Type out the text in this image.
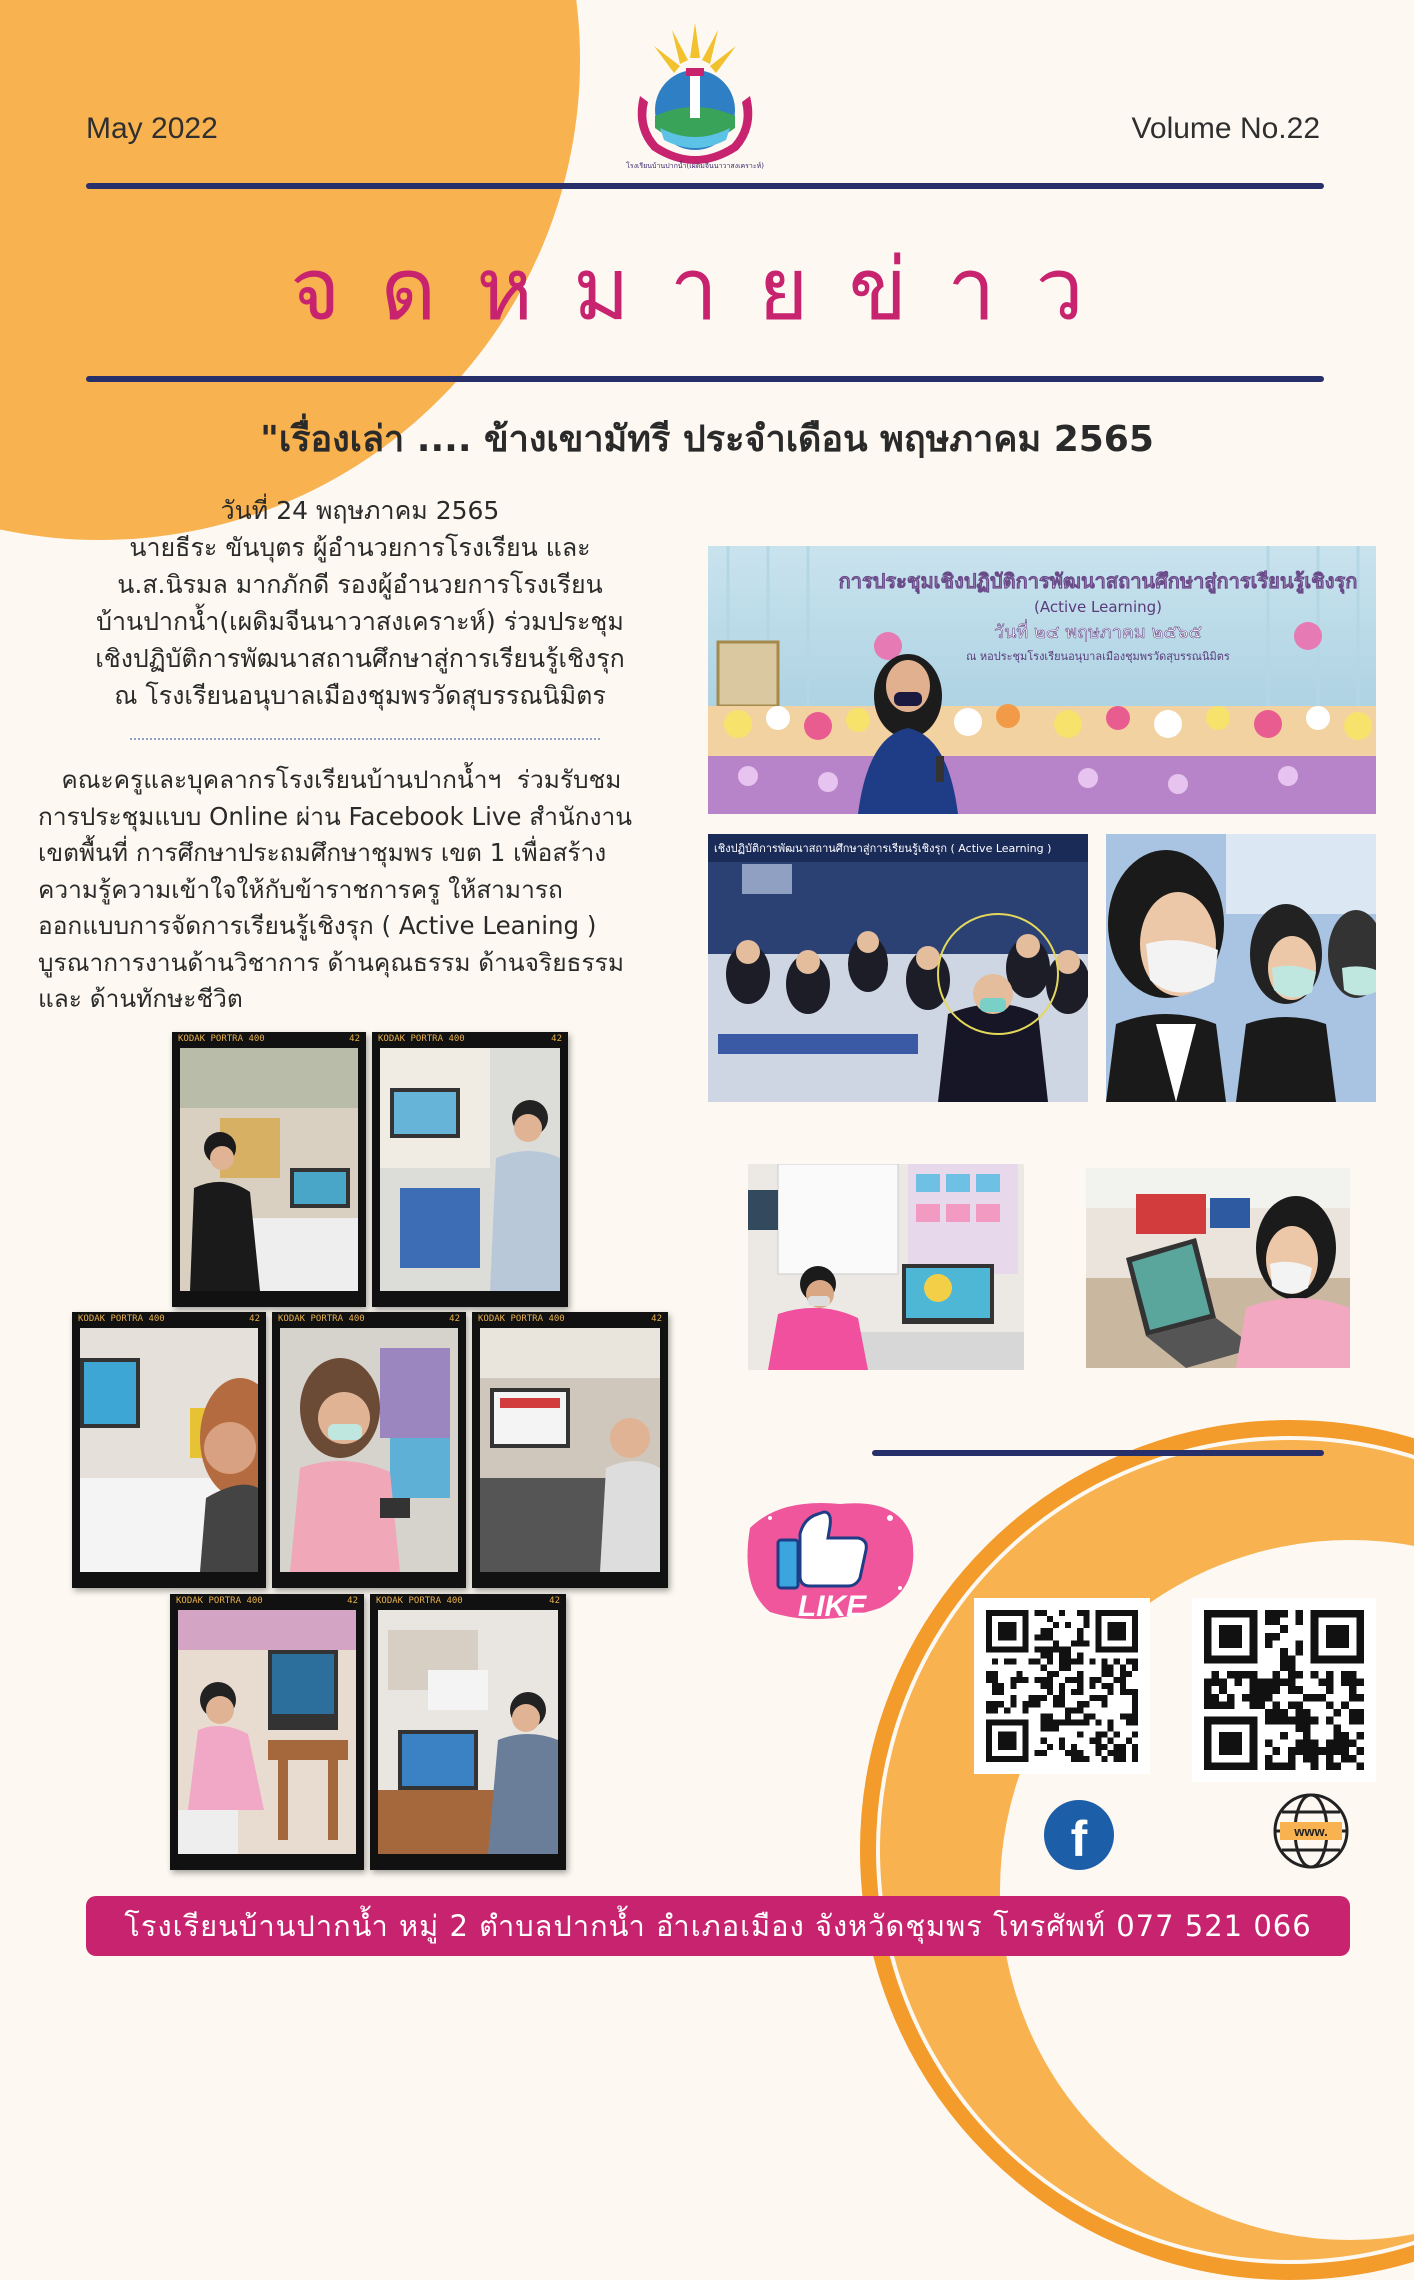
May 2022	Volume No.22
โรงเรียนบ้านปากน้ำ(เผดิมจีนนาวาสงเคราะห์)
จดหมายข่าว
"เรื่องเล่า .... ข้างเขามัทรี ประจำเดือน พฤษภาคม 2565
วันที่ 24 พฤษภาคม 2565
นายธีระ ขันบุตร ผู้อำนวยการโรงเรียน และ
น.ส.นิรมล มากภักดี รองผู้อำนวยการโรงเรียน
บ้านปากน้ำ(เผดิมจีนนาวาสงเคราะห์) ร่วมประชุม
เชิงปฏิบัติการพัฒนาสถานศึกษาสู่การเรียนรู้เชิงรุก
ณ โรงเรียนอนุบาลเมืองชุมพรวัดสุบรรณนิมิตร
คณะครูและบุคลากรโรงเรียนบ้านปากน้ำฯ  ร่วมรับชม
การประชุมแบบ Online ผ่าน Facebook Live สำนักงาน
เขตพื้นที่ การศึกษาประถมศึกษาชุมพร เขต 1 เพื่อสร้าง
ความรู้ความเข้าใจให้กับข้าราชการครู ให้สามารถ
ออกแบบการจัดการเรียนรู้เชิงรุก ( Active Leaning )
บูรณาการงานด้านวิชาการ ด้านคุณธรรม ด้านจริยธรรม
และ ด้านทักษะชีวิต
การประชุมเชิงปฏิบัติการพัฒนาสถานศึกษาสู่การเรียนรู้เชิงรุก
(Active Learning)
วันที่ ๒๔ พฤษภาคม ๒๕๖๕
ณ หอประชุมโรงเรียนอนุบาลเมืองชุมพรวัดสุบรรณนิมิตร
เชิงปฏิบัติการพัฒนาสถานศึกษาสู่การเรียนรู้เชิงรุก ( Active Learning )
KODAK PORTRA 400	42 KODAK PORTRA 400	42
KODAK PORTRA 400	42 KODAK PORTRA 400	42 KODAK PORTRA 400	42
KODAK PORTRA 400	42 KODAK PORTRA 400	42	LIKE
f	www.
โรงเรียนบ้านปากน้ำ หมู่ 2 ตำบลปากน้ำ อำเภอเมือง จังหวัดชุมพร โทรศัพท์ 077 521 066
